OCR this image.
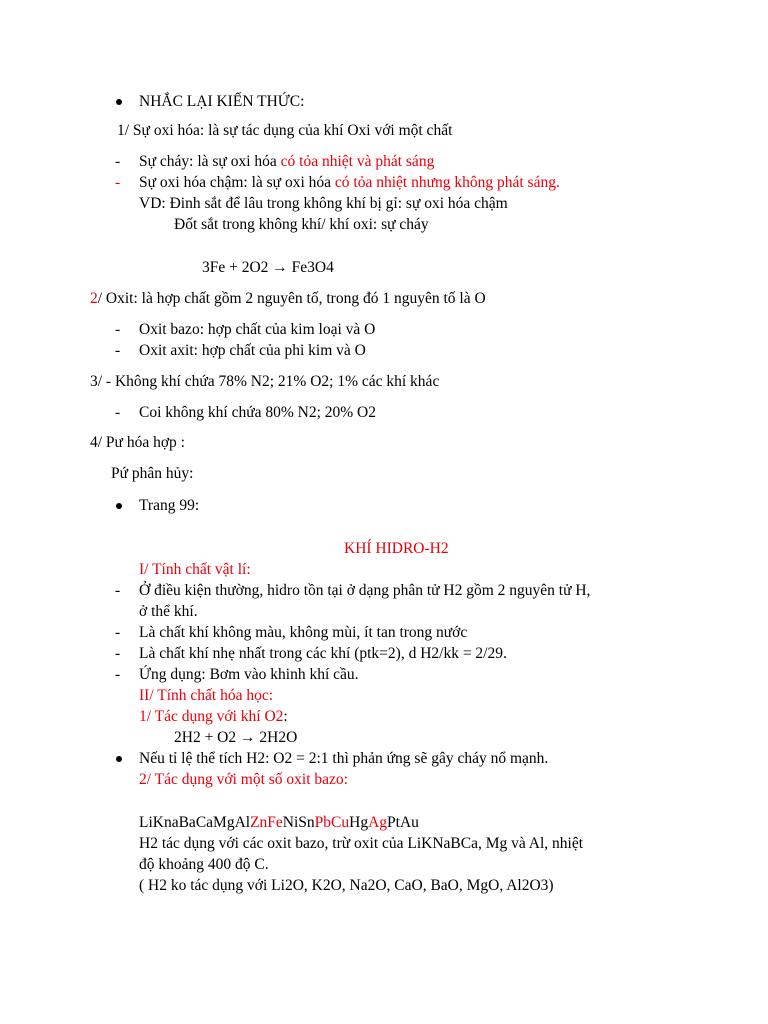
NHẮC LẠI KIẾN THỨC:
1/ Sự oxi hóa: là sự tác dụng của khí Oxi với một chất
- Sự cháy: là sự oxi hóa có tỏa nhiệt và phát sáng
- Sự oxi hóa chậm: là sự oxi hóa có tỏa nhiệt nhưng không phát sáng.
VD: Đinh sắt để lâu trong không khí bị gỉ: sự oxi hóa chậm
Đốt sắt trong không khí/ khí oxi: sự cháy
3Fe + 2O2 → Fe3O4
2/ Oxit: là hợp chất gồm 2 nguyên tố, trong đó 1 nguyên tố là O
- Oxit bazo: hợp chất của kim loại và O
- Oxit axit: hợp chất của phi kim và O
3/ - Không khí chứa 78% N2; 21% O2; 1% các khí khác
- Coi không khí chứa 80% N2; 20% O2
4/ Pư hóa hợp :
Pứ phân hủy:
Trang 99:
KHÍ HIDRO-H2
I/ Tính chất vật lí:
- Ở điều kiện thường, hidro tồn tại ở dạng phân tử H2 gồm 2 nguyên tử H,
ở thể khí.
- Là chất khí không màu, không mùi, ít tan trong nước
- Là chất khí nhẹ nhất trong các khí (ptk=2), d H2/kk = 2/29.
- Ứng dụng: Bơm vào khinh khí cầu.
II/ Tính chất hóa học:
1/ Tác dụng với khí O2:
2H2 + O2 → 2H2O
Nếu tỉ lệ thể tích H2: O2 = 2:1 thì phản ứng sẽ gây cháy nổ mạnh.
2/ Tác dụng với một số oxit bazo:
LiKnaBaCaMgAlZnFeNiSnPbCuHgAgPtAu
H2 tác dụng với các oxit bazo, trừ oxit của LiKNaBCa, Mg và Al, nhiệt
độ khoảng 400 độ C.
( H2 ko tác dụng với Li2O, K2O, Na2O, CaO, BaO, MgO, Al2O3)
